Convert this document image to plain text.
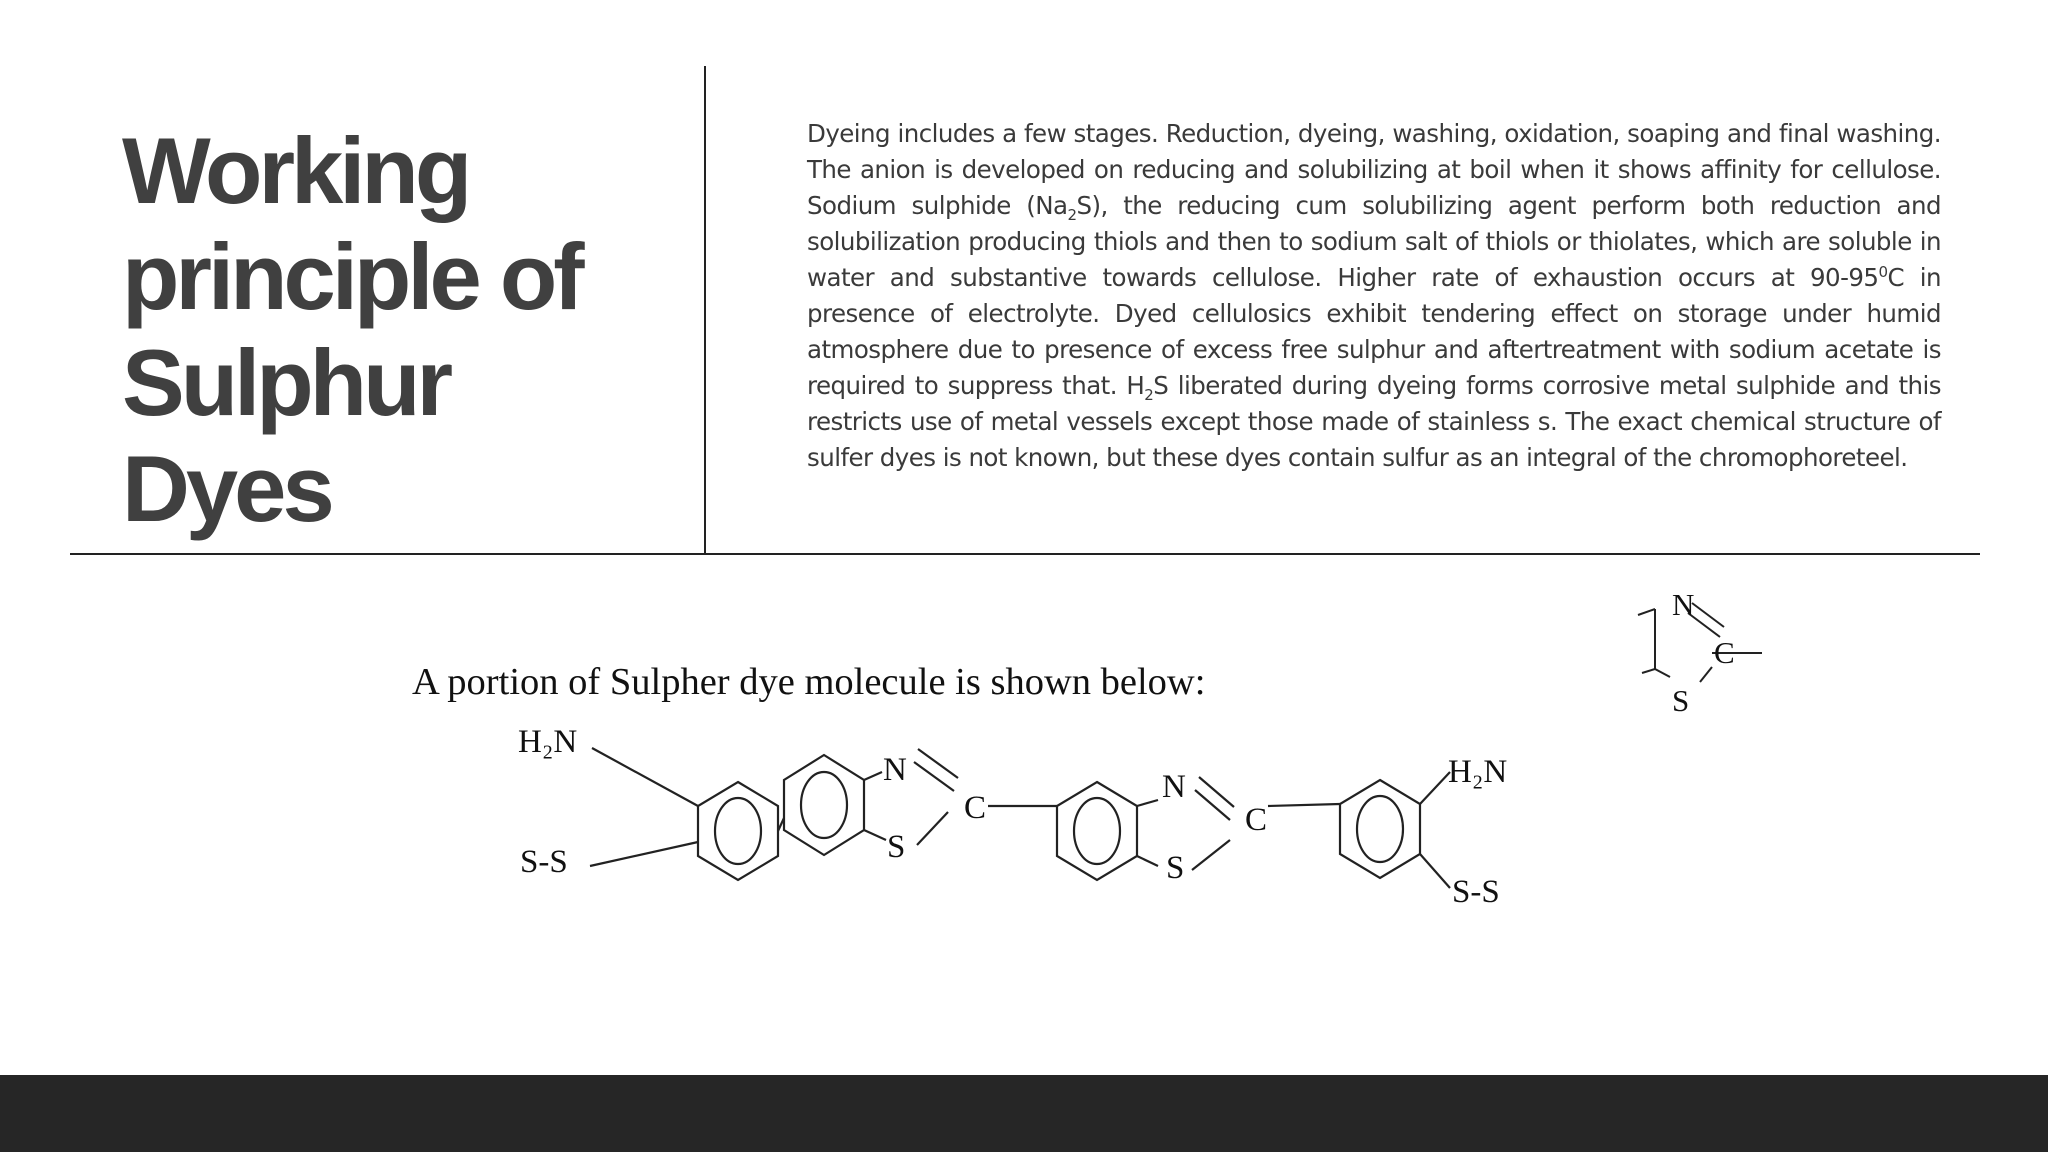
Working
principle of
Sulphur
Dyes

Dyeing includes a few stages. Reduction, dyeing, washing, oxidation, soaping and final washing. The anion is developed on reducing and solubilizing at boil when it shows affinity for cellulose. Sodium sulphide $(Na_2S)$, the reducing cum solubilizing agent perform both reduction and solubilization producing thiols and then to sodium salt of thiols or thiolates, which are soluble in water and substantive towards cellulose. Higher rate of exhaustion occurs at $90-95^0C$ in presence of electrolyte. Dyed cellulosics exhibit tendering effect on storage under humid atmosphere due to presence of excess free sulphur and aftertreatment with sodium acetate is required to suppress that. $H_2S$ liberated during dyeing forms corrosive metal sulphide and this restricts use of metal vessels except those made of stainless s. The exact chemical structure of sulfer dyes is not known, but these dyes contain sulfur as an integral of the chromophoreteel.

A portion of Sulpher dye molecule is shown below:
H₂N
S-S
N
S
C
N
S
C
H₂N
S-S
N
C
S
